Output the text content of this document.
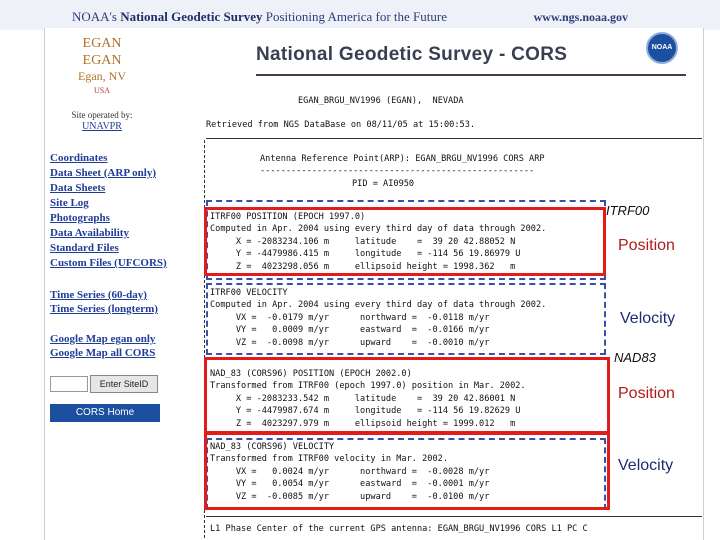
NOAA's National Geodetic Survey Positioning America for the Future	www.ngs.noaa.gov
EGAN
EGAN
Egan, NV
USA
Site operated by:
UNAVPR
Coordinates
Data Sheet (ARP only)
Data Sheets
Site Log
Photographs
Data Availability
Standard Files
Custom Files (UFCORS)
Time Series (60-day)
Time Series (longterm)
Google Map egan only
Google Map all CORS
Enter SiteID
CORS Home
National Geodetic Survey - CORS	NOAA
EGAN_BRGU_NV1996 (EGAN),  NEVADA
Retrieved from NGS DataBase on 08/11/05 at 15:00:53.
Antenna Reference Point(ARP): EGAN_BRGU_NV1996 CORS ARP
-----------------------------------------------------
PID = AI0950
ITRF00 POSITION (EPOCH 1997.0)
Computed in Apr. 2004 using every third day of data through 2002.
X = -2083234.106 m     latitude    =  39 20 42.88052 N
Y = -4479986.415 m     longitude   = -114 56 19.86979 U
Z =  4023298.056 m     ellipsoid height = 1998.362   m
ITRF00 VELOCITY
Computed in Apr. 2004 using every third day of data through 2002.
VX =  -0.0179 m/yr      northward =  -0.0118 m/yr
VY =   0.0009 m/yr      eastward  =  -0.0166 m/yr
VZ =  -0.0098 m/yr      upward    =  -0.0010 m/yr
NAD_83 (CORS96) POSITION (EPOCH 2002.0)
Transformed from ITRF00 (epoch 1997.0) position in Mar. 2002.
X = -2083233.542 m     latitude    =  39 20 42.86001 N
Y = -4479987.674 m     longitude   = -114 56 19.82629 U
Z =  4023297.979 m     ellipsoid height = 1999.012   m
NAD_83 (CORS96) VELOCITY
Transformed from ITRF00 velocity in Mar. 2002.
VX =   0.0024 m/yr      northward =  -0.0028 m/yr
VY =   0.0054 m/yr      eastward  =  -0.0001 m/yr
VZ =  -0.0085 m/yr      upward    =  -0.0100 m/yr
L1 Phase Center of the current GPS antenna: EGAN_BRGU_NV1996 CORS L1 PC C
ITRF00
Position
Velocity
NAD83
Position
Velocity
